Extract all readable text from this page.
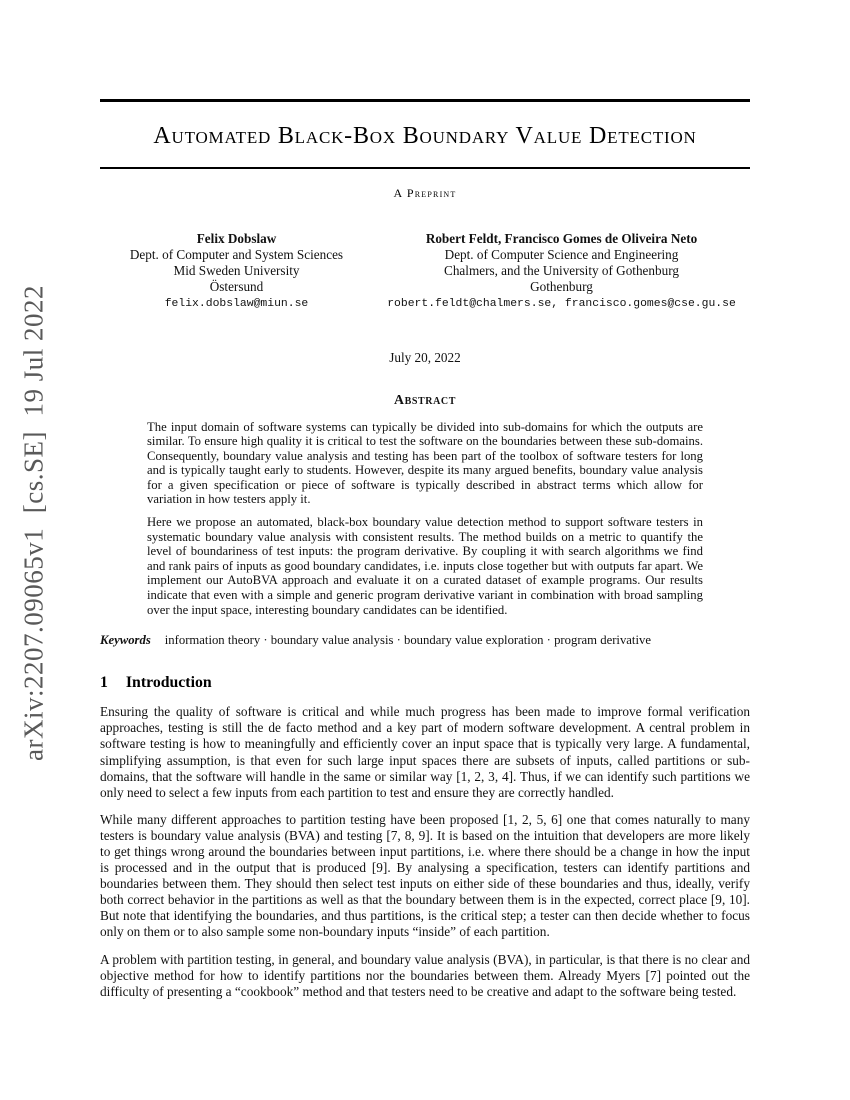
arXiv:2207.09065v1  [cs.SE]  19 Jul 2022
Automated Black-Box Boundary Value Detection
A Preprint
Felix Dobslaw
Dept. of Computer and System Sciences
Mid Sweden University
Östersund
felix.dobslaw@miun.se
Robert Feldt, Francisco Gomes de Oliveira Neto
Dept. of Computer Science and Engineering
Chalmers, and the University of Gothenburg
Gothenburg
robert.feldt@chalmers.se, francisco.gomes@cse.gu.se
July 20, 2022
Abstract

The input domain of software systems can typically be divided into sub-domains for which the outputs are similar. To ensure high quality it is critical to test the software on the boundaries between these sub-domains. Consequently, boundary value analysis and testing has been part of the toolbox of software testers for long and is typically taught early to students. However, despite its many argued benefits, boundary value analysis for a given specification or piece of software is typically described in abstract terms which allow for variation in how testers apply it.

Here we propose an automated, black-box boundary value detection method to support software testers in systematic boundary value analysis with consistent results. The method builds on a metric to quantify the level of boundariness of test inputs: the program derivative. By coupling it with search algorithms we find and rank pairs of inputs as good boundary candidates, i.e. inputs close together but with outputs far apart. We implement our AutoBVA approach and evaluate it on a curated dataset of example programs. Our results indicate that even with a simple and generic program derivative variant in combination with broad sampling over the input space, interesting boundary candidates can be identified.

Keywords information theory · boundary value analysis · boundary value exploration · program derivative
1 Introduction

Ensuring the quality of software is critical and while much progress has been made to improve formal verification approaches, testing is still the de facto method and a key part of modern software development. A central problem in software testing is how to meaningfully and efficiently cover an input space that is typically very large. A fundamental, simplifying assumption, is that even for such large input spaces there are subsets of inputs, called partitions or sub-domains, that the software will handle in the same or similar way [1, 2, 3, 4]. Thus, if we can identify such partitions we only need to select a few inputs from each partition to test and ensure they are correctly handled.

While many different approaches to partition testing have been proposed [1, 2, 5, 6] one that comes naturally to many testers is boundary value analysis (BVA) and testing [7, 8, 9]. It is based on the intuition that developers are more likely to get things wrong around the boundaries between input partitions, i.e. where there should be a change in how the input is processed and in the output that is produced [9]. By analysing a specification, testers can identify partitions and boundaries between them. They should then select test inputs on either side of these boundaries and thus, ideally, verify both correct behavior in the partitions as well as that the boundary between them is in the expected, correct place [9, 10]. But note that identifying the boundaries, and thus partitions, is the critical step; a tester can then decide whether to focus only on them or to also sample some non-boundary inputs “inside” of each partition.

A problem with partition testing, in general, and boundary value analysis (BVA), in particular, is that there is no clear and objective method for how to identify partitions nor the boundaries between them. Already Myers [7] pointed out the difficulty of presenting a “cookbook” method and that testers need to be creative and adapt to the software being tested.
